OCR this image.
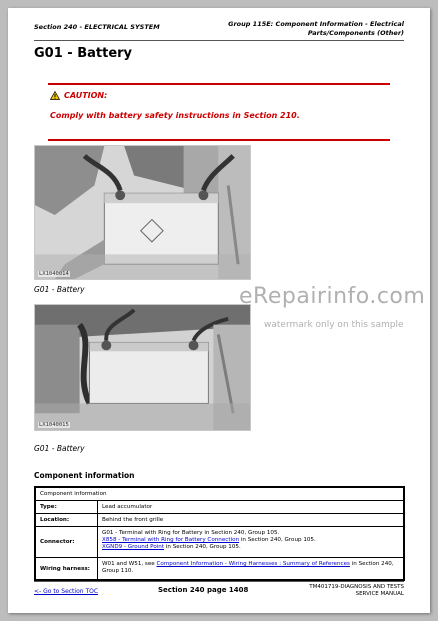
Section 240 - ELECTRICAL SYSTEM	Group 115E: Component Information - Electrical Parts/Components (Other)
G01 - Battery
CAUTION:
Comply with battery safety instructions in Section 210.
LX1040014
G01 - Battery
LX1040015
G01 - Battery
eRepairinfo.com
watermark only on this sample
Component information
Component information
Type:	Lead accumulator
Location:	Behind the front grille
Connector:
G01 - Terminal with Ring for Battery in Section 240, Group 105.
X858 - Terminal with Ring for Battery Connection in Section 240, Group 105.
XGND9 - Ground Point in Section 240, Group 105.
Wiring harness:
W01 and W51, see Component Information - Wiring Harnesses : Summary of References in Section 240, Group 110.
<- Go to Section TOC	Section 240 page 1408	TM401719-DIAGNOSIS AND TESTS
SERVICE MANUAL
